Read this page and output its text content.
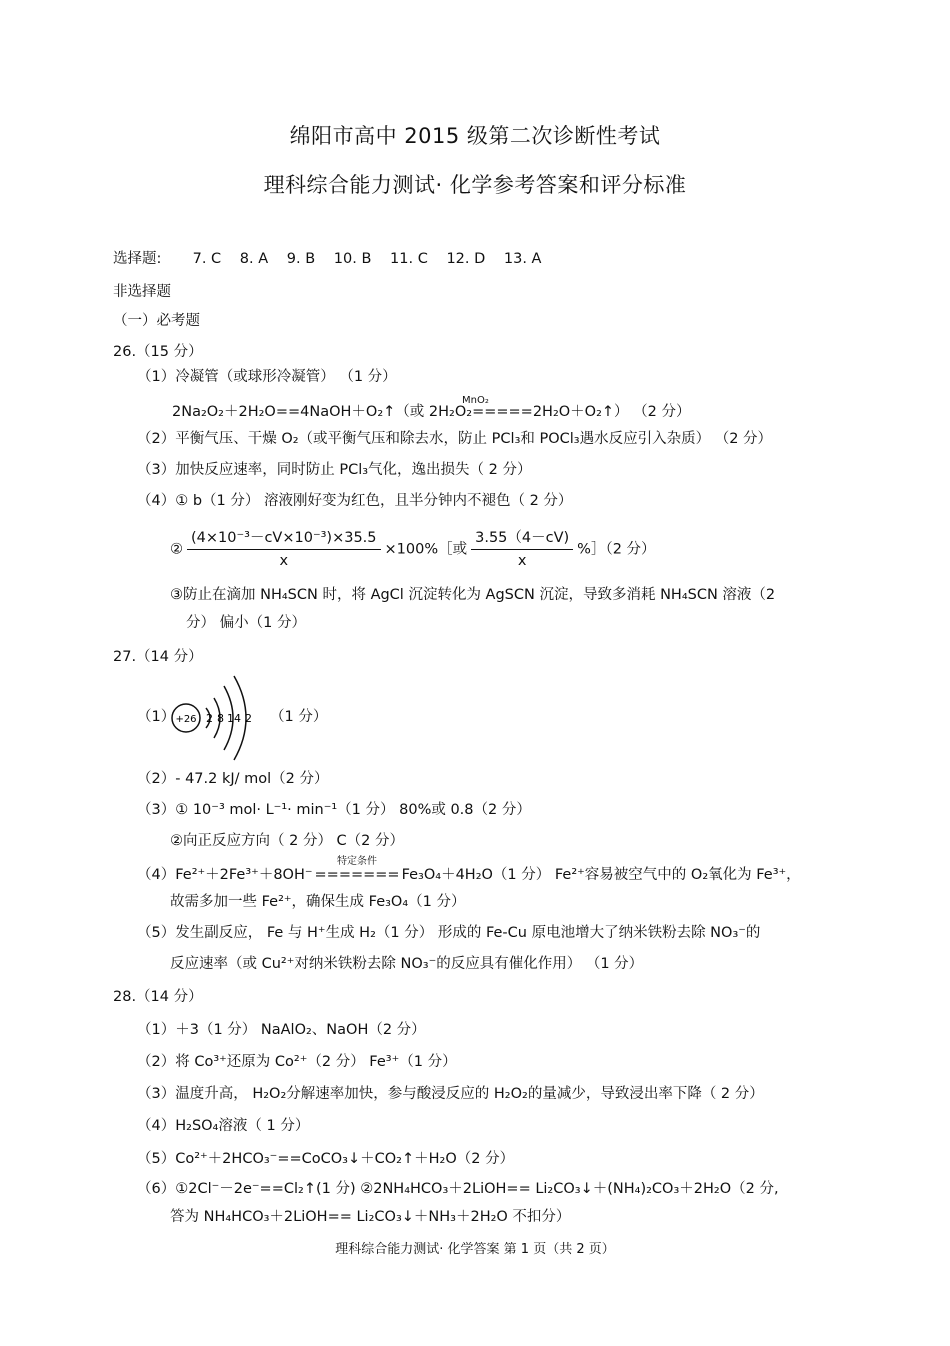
绵阳市高中 2015 级第二次诊断性考试
理科综合能力测试· 化学参考答案和评分标准
选择题: 7. C 8. A 9. B 10. B 11. C 12. D 13. A
非选择题
（一）必考题
26.（15 分）
（1）冷凝管（或球形冷凝管） （1 分）
MnO₂
2Na₂O₂＋2H₂O==4NaOH＋O₂↑（或 2H₂O₂=====2H₂O＋O₂↑） （2 分）
（2）平衡气压、干燥 O₂（或平衡气压和除去水，防止 PCl₃和 POCl₃遇水反应引入杂质） （2 分）
（3）加快反应速率，同时防止 PCl₃气化，逸出损失（ 2 分）
（4）① b（1 分） 溶液刚好变为红色，且半分钟内不褪色（ 2 分）
② $\frac{\text{(4×10⁻³－cV×10⁻³)×35.5}}{x}$ ×100%［或 $\frac{3.55(4-cV)}{x}$ %］（2 分）
③防止在滴加 NH₄SCN 时，将 AgCl 沉淀转化为 AgSCN 沉淀，导致多消耗 NH₄SCN 溶液（2
分） 偏小（1 分）
27.（14 分）
（1） +26 2 8 14 2 （1 分）
（2）- 47.2 kJ/ mol（2 分）
（3）① 10⁻³ mol· L⁻¹· min⁻¹（1 分） 80%或 0.8（2 分）
②向正反应方向（ 2 分） C（2 分）
（4）Fe²⁺＋2Fe³⁺＋8OH⁻
特定条件
======= Fe₃O₄＋4H₂O（1 分） Fe²⁺容易被空气中的 O₂氧化为 Fe³⁺，
故需多加一些 Fe²⁺，确保生成 Fe₃O₄（1 分）
（5）发生副反应， Fe 与 H⁺生成 H₂（1 分） 形成的 Fe-Cu 原电池增大了纳米铁粉去除 NO₃⁻的
反应速率（或 Cu²⁺对纳米铁粉去除 NO₃⁻的反应具有催化作用） （1 分）
28.（14 分）
（1）＋3（1 分） NaAlO₂、NaOH（2 分）
（2）将 Co³⁺还原为 Co²⁺（2 分） Fe³⁺（1 分）
（3）温度升高， H₂O₂分解速率加快，参与酸浸反应的 H₂O₂的量减少，导致浸出率下降（ 2 分）
（4）H₂SO₄溶液（ 1 分）
（5）Co²⁺＋2HCO₃⁻==CoCO₃↓＋CO₂↑＋H₂O（2 分）
（6）①2Cl⁻－2e⁻==Cl₂↑(1 分) ②2NH₄HCO₃＋2LiOH== Li₂CO₃↓＋(NH₄)₂CO₃＋2H₂O（2 分,
答为 NH₄HCO₃＋2LiOH== Li₂CO₃↓＋NH₃＋2H₂O 不扣分）
理科综合能力测试· 化学答案 第 1 页（共 2 页）
